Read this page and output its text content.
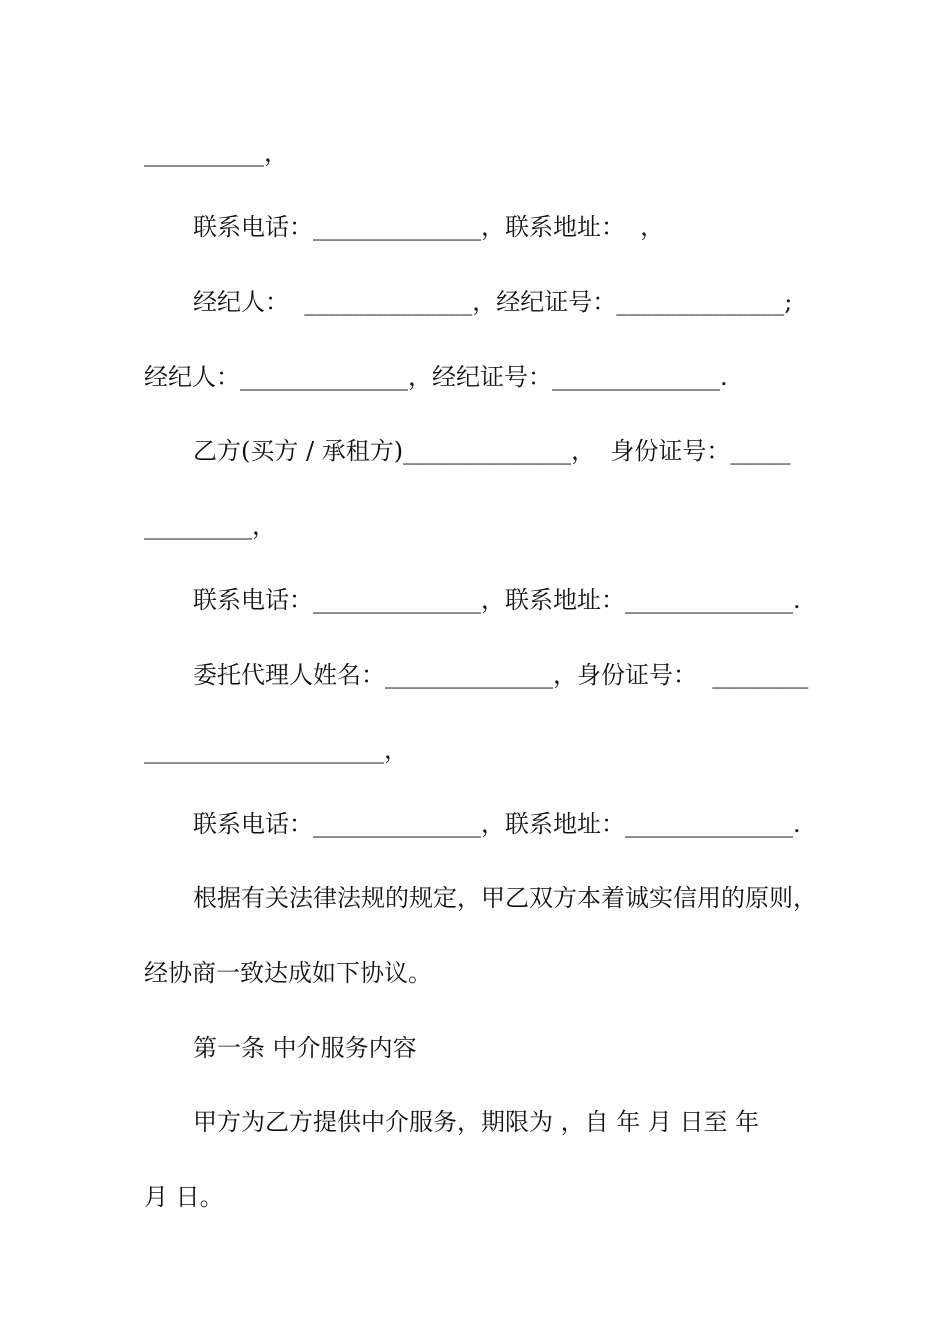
__________，
联系电话：______________，联系地址：  ，
经纪人：  ______________，经纪证号：______________;
经纪人：______________，经纪证号：______________.
乙方(买方 / 承租方)______________，  身份证号：_____
_________，
联系电话：______________，联系地址：______________.
委托代理人姓名：______________，身份证号：  ________
____________________，
联系电话：______________，联系地址：______________.
根据有关法律法规的规定，甲乙双方本着诚实信用的原则，
经协商一致达成如下协议。
第一条 中介服务内容
甲方为乙方提供中介服务，期限为 ，自 年 月 日至 年
月 日。
